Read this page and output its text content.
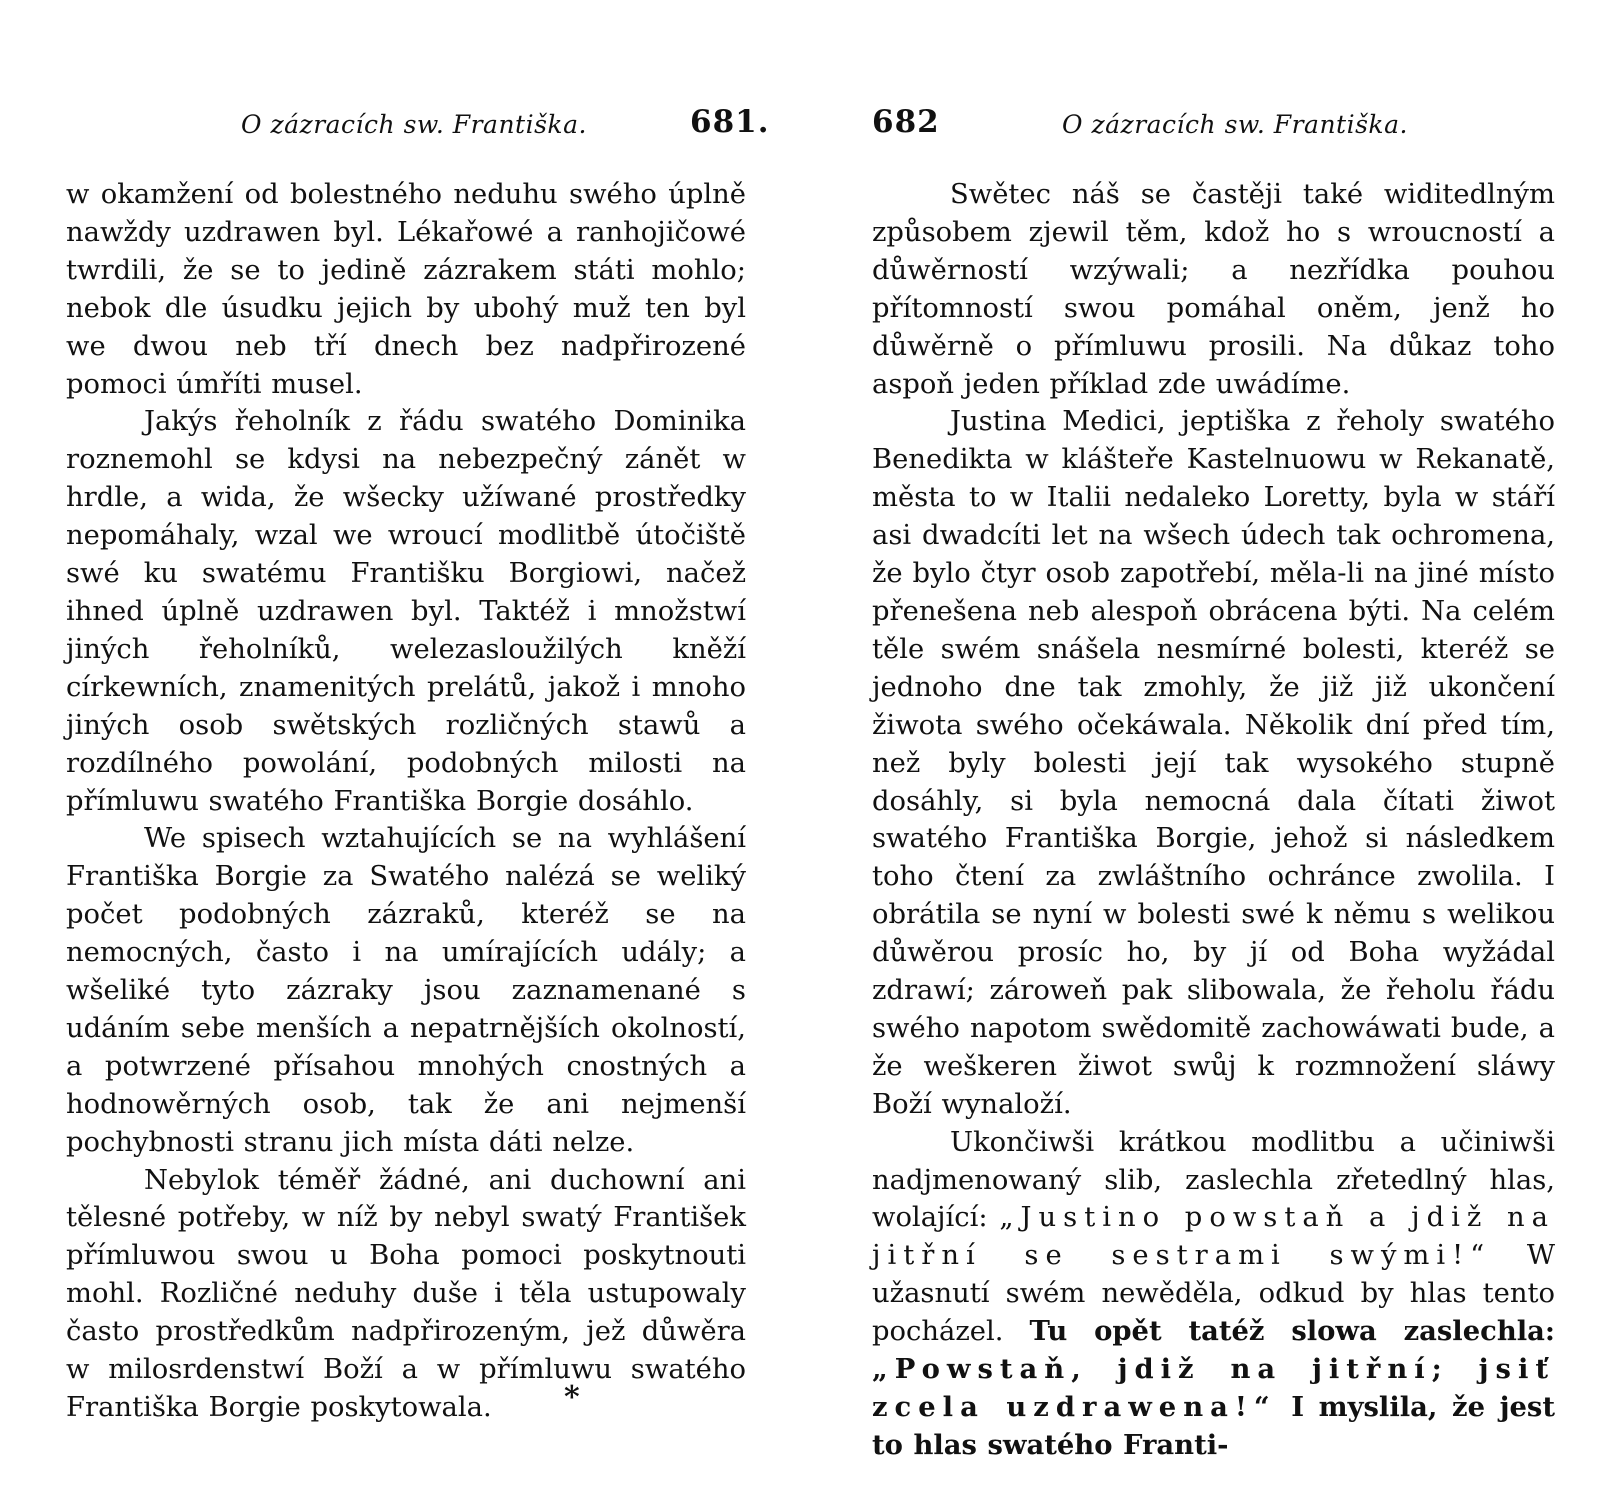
O zázracích sw. Františka.	681.

w okamžení od bolestného neduhu swého úplně nawždy uzdrawen byl. Lékařowé a ranhojičowé twrdili, že se to jedině zázrakem státi mohlo; nebok dle úsudku jejich by ubohý muž ten byl we dwou neb tří dnech bez nadpřirozené pomoci úmříti musel.

Jakýs řeholník z řádu swatého Dominika roznemohl se kdysi na nebezpečný zánět w hrdle, a wida, že wšecky užíwané prostředky nepomáhaly, wzal we wroucí modlitbě útočiště swé ku swatému Františku Borgiowi, načež ihned úplně uzdrawen byl. Taktéž i množstwí jiných řeholníků, welezasloužilých kněží církewních, znamenitých prelátů, jakož i mnoho jiných osob swětských rozličných stawů a rozdílného powolání, podobných milosti na přímluwu swatého Františka Borgie dosáhlo.

We spisech wztahujících se na wyhlášení Františka Borgie za Swatého nalézá se weliký počet podobných zázraků, kteréž se na nemocných, často i na umírajících udály; a wšeliké tyto zázraky jsou zaznamenané s udáním sebe menších a nepatrnějších okolností, a potwrzené přísahou mnohých cnostných a hodnowěrných osob, tak že ani nejmenší pochybnosti stranu jich místa dáti nelze.

Nebylok téměř žádné, ani duchowní ani tělesné potřeby, w níž by nebyl swatý František přímluwou swou u Boha pomoci poskytnouti mohl. Rozličné neduhy duše i těla ustupowaly často prostředkům nadpřirozeným, jež důwěra w milosrdenstwí Boží a w přímluwu swatého Františka Borgie poskytowala.	*
682	O zázracích sw. Františka.

Swětec náš se častěji také widitedlným způsobem zjewil těm, kdož ho s wroucností a důwěrností wzýwali; a nezřídka pouhou přítomností swou pomáhal oněm, jenž ho důwěrně o přímluwu prosili. Na důkaz toho aspoň jeden příklad zde uwádíme.

Justina Medici, jeptiška z řeholy swatého Benedikta w klášteře Kastelnuowu w Rekanatě, města to w Italii nedaleko Loretty, byla w stáří asi dwadcíti let na wšech údech tak ochromena, že bylo čtyr osob zapotřebí, měla-li na jiné místo přenešena neb alespoň obrácena býti. Na celém těle swém snášela nesmírné bolesti, kteréž se jednoho dne tak zmohly, že již již ukončení žiwota swého očekáwala. Několik dní před tím, než byly bolesti její tak wysokého stupně dosáhly, si byla nemocná dala čítati žiwot swatého Františka Borgie, jehož si následkem toho čtení za zwláštního ochránce zwolila. I obrátila se nyní w bolesti swé k němu s welikou důwěrou prosíc ho, by jí od Boha wyžádal zdrawí; zároweň pak slibowala, že řeholu řádu swého napotom swědomitě zachowáwati bude, a že weškeren žiwot swůj k rozmnožení sláwy Boží wynaloží.

Ukončiwši krátkou modlitbu a učiniwši nadjmenowaný slib, zaslechla zřetedlný hlas, wolající: „Justino powstaň a jdiž na jitřní se sestrami swými!“ W užasnutí swém newěděla, odkud by hlas tento pocházel. Tu opět tatéž slowa zaslechla: „Powstaň, jdiž na jitřní; jsiť zcela uzdrawena!“ I myslila, že jest to hlas swatého Franti-
